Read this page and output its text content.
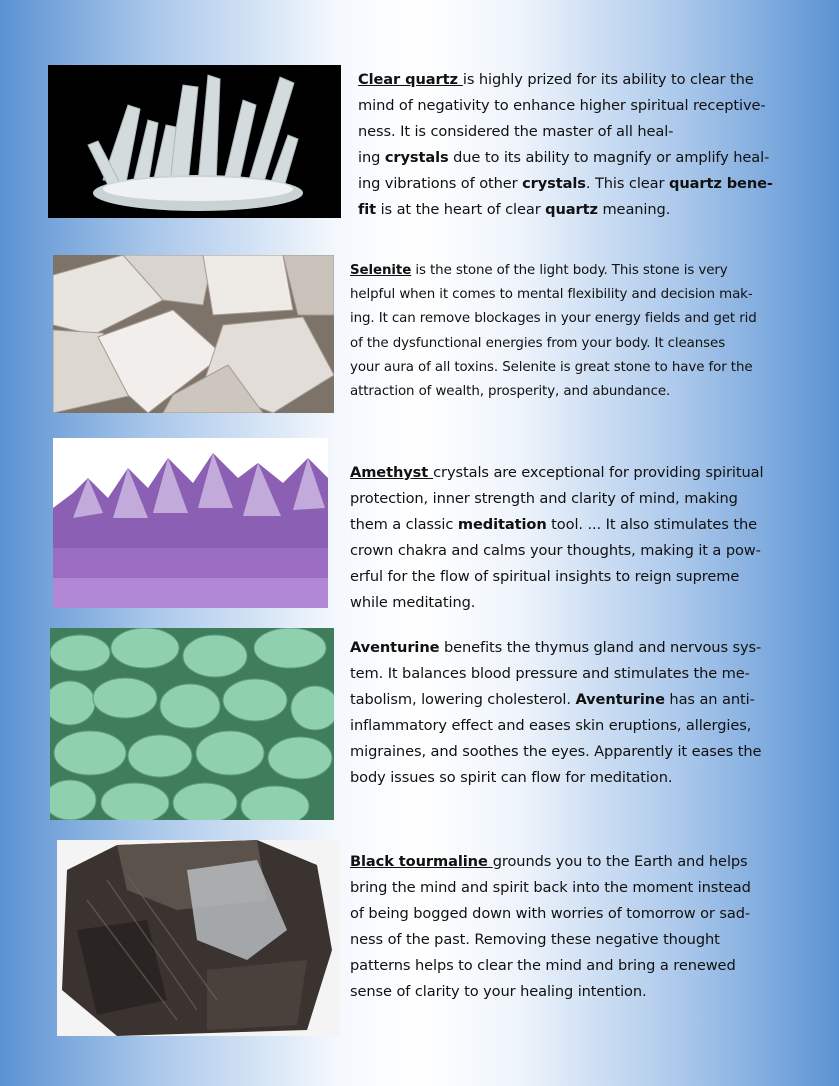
Clear quartz is highly prized for its ability to clear the
mind of negativity to enhance higher spiritual receptive-
ness. It is considered the master of all heal-
ing crystals due to its ability to magnify or amplify heal-
ing vibrations of other crystals. This clear quartz bene-
fit is at the heart of clear quartz meaning.
Selenite is the stone of the light body. This stone is very
helpful when it comes to mental flexibility and decision mak-
ing. It can remove blockages in your energy fields and get rid
of the dysfunctional energies from your body. It cleanses
your aura of all toxins. Selenite is great stone to have for the
attraction of wealth, prosperity, and abundance.
Amethyst crystals are exceptional for providing spiritual
protection, inner strength and clarity of mind, making
them a classic meditation tool. ... It also stimulates the
crown chakra and calms your thoughts, making it a pow-
erful for the flow of spiritual insights to reign supreme
while meditating.
Aventurine benefits the thymus gland and nervous sys-
tem. It balances blood pressure and stimulates the me-
tabolism, lowering cholesterol. Aventurine has an anti-
inflammatory effect and eases skin eruptions, allergies,
migraines, and soothes the eyes. Apparently it eases the
body issues so spirit can flow for meditation.
Black tourmaline grounds you to the Earth and helps
bring the mind and spirit back into the moment instead
of being bogged down with worries of tomorrow or sad-
ness of the past. Removing these negative thought
patterns helps to clear the mind and bring a renewed
sense of clarity to your healing intention.
